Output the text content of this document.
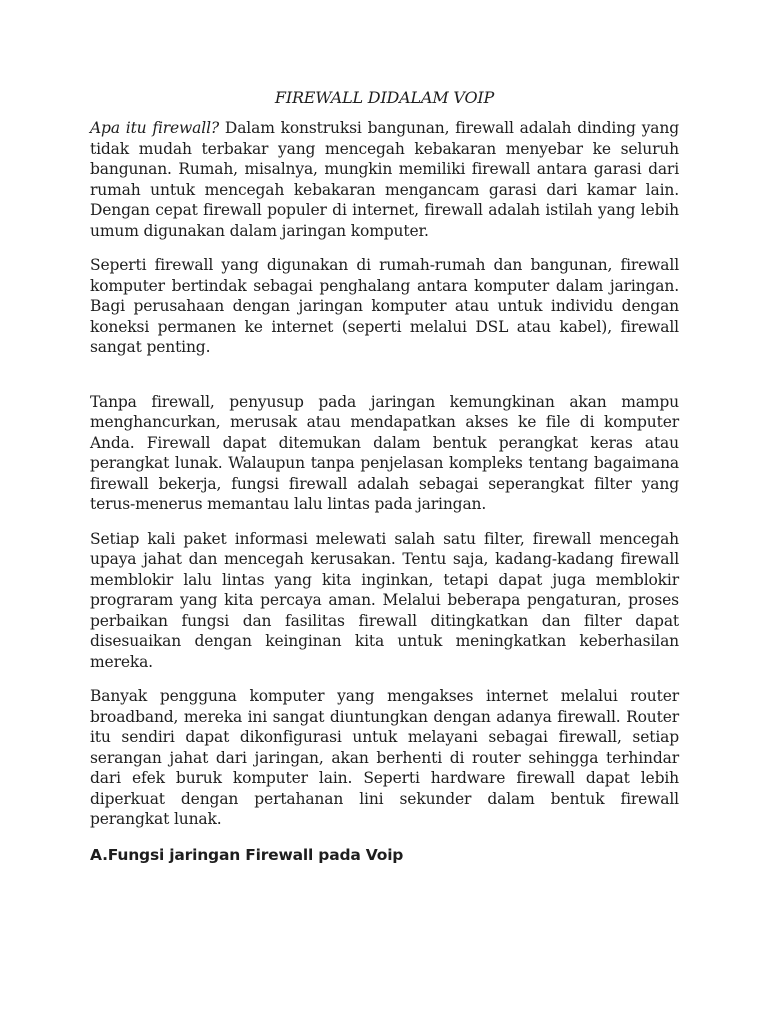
FIREWALL DIDALAM VOIP

Apa itu firewall? Dalam konstruksi bangunan, firewall adalah dinding yang tidak mudah terbakar yang mencegah kebakaran menyebar ke seluruh bangunan. Rumah, misalnya, mungkin memiliki firewall antara garasi dari rumah untuk mencegah kebakaran mengancam garasi dari kamar lain. Dengan cepat firewall populer di internet, firewall adalah istilah yang lebih umum digunakan dalam jaringan komputer.

Seperti firewall yang digunakan di rumah-rumah dan bangunan, firewall komputer bertindak sebagai penghalang antara komputer dalam jaringan. Bagi perusahaan dengan jaringan komputer atau untuk individu dengan koneksi permanen ke internet (seperti melalui DSL atau kabel), firewall sangat penting.

Tanpa firewall, penyusup pada jaringan kemungkinan akan mampu menghancurkan, merusak atau mendapatkan akses ke file di komputer Anda. Firewall dapat ditemukan dalam bentuk perangkat keras atau perangkat lunak. Walaupun tanpa penjelasan kompleks tentang bagaimana firewall bekerja, fungsi firewall adalah sebagai seperangkat filter yang terus-menerus memantau lalu lintas pada jaringan.

Setiap kali paket informasi melewati salah satu filter, firewall mencegah upaya jahat dan mencegah kerusakan. Tentu saja, kadang-kadang firewall memblokir lalu lintas yang kita inginkan, tetapi dapat juga memblokir prograram yang kita percaya aman. Melalui beberapa pengaturan, proses perbaikan fungsi dan fasilitas firewall ditingkatkan dan filter dapat disesuaikan dengan keinginan kita untuk meningkatkan keberhasilan mereka.

Banyak pengguna komputer yang mengakses internet melalui router broadband, mereka ini sangat diuntungkan dengan adanya firewall. Router itu sendiri dapat dikonfigurasi untuk melayani sebagai firewall, setiap serangan jahat dari jaringan, akan berhenti di router sehingga terhindar dari efek buruk komputer lain. Seperti hardware firewall dapat lebih diperkuat dengan pertahanan lini sekunder dalam bentuk firewall perangkat lunak.

A.Fungsi jaringan Firewall pada Voip
